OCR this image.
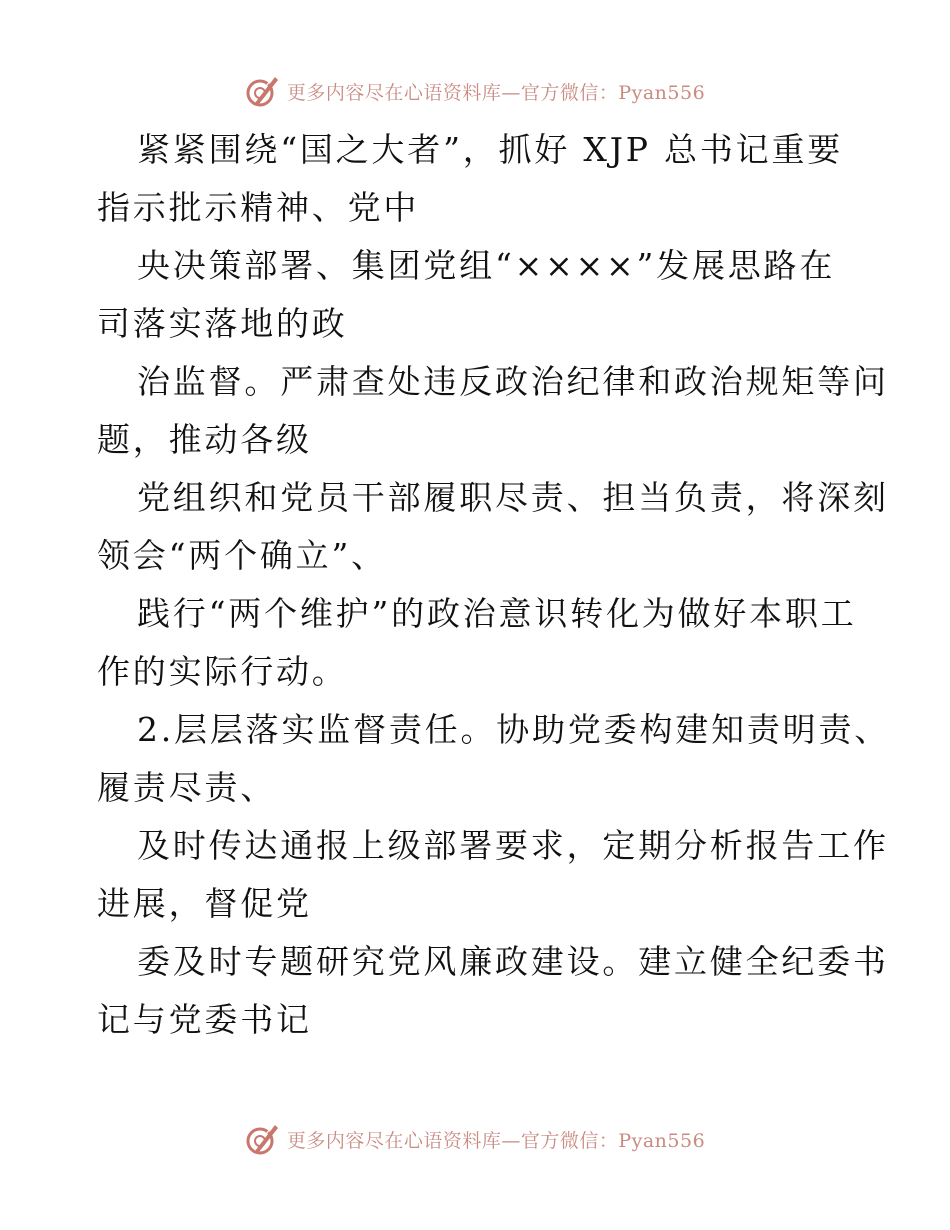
更多内容尽在心语资料库—官方微信：Pyan556
紧紧围绕“国之大者”，抓好 XJP 总书记重要
指示批示精神、党中
央决策部署、集团党组“××××”发展思路在
司落实落地的政
治监督。严肃查处违反政治纪律和政治规矩等问
题，推动各级
党组织和党员干部履职尽责、担当负责，将深刻
领会“两个确立”、
践行“两个维护”的政治意识转化为做好本职工
作的实际行动。
2.层层落实监督责任。协助党委构建知责明责、
履责尽责、
及时传达通报上级部署要求，定期分析报告工作
进展，督促党
委及时专题研究党风廉政建设。建立健全纪委书
记与党委书记
更多内容尽在心语资料库—官方微信：Pyan556
